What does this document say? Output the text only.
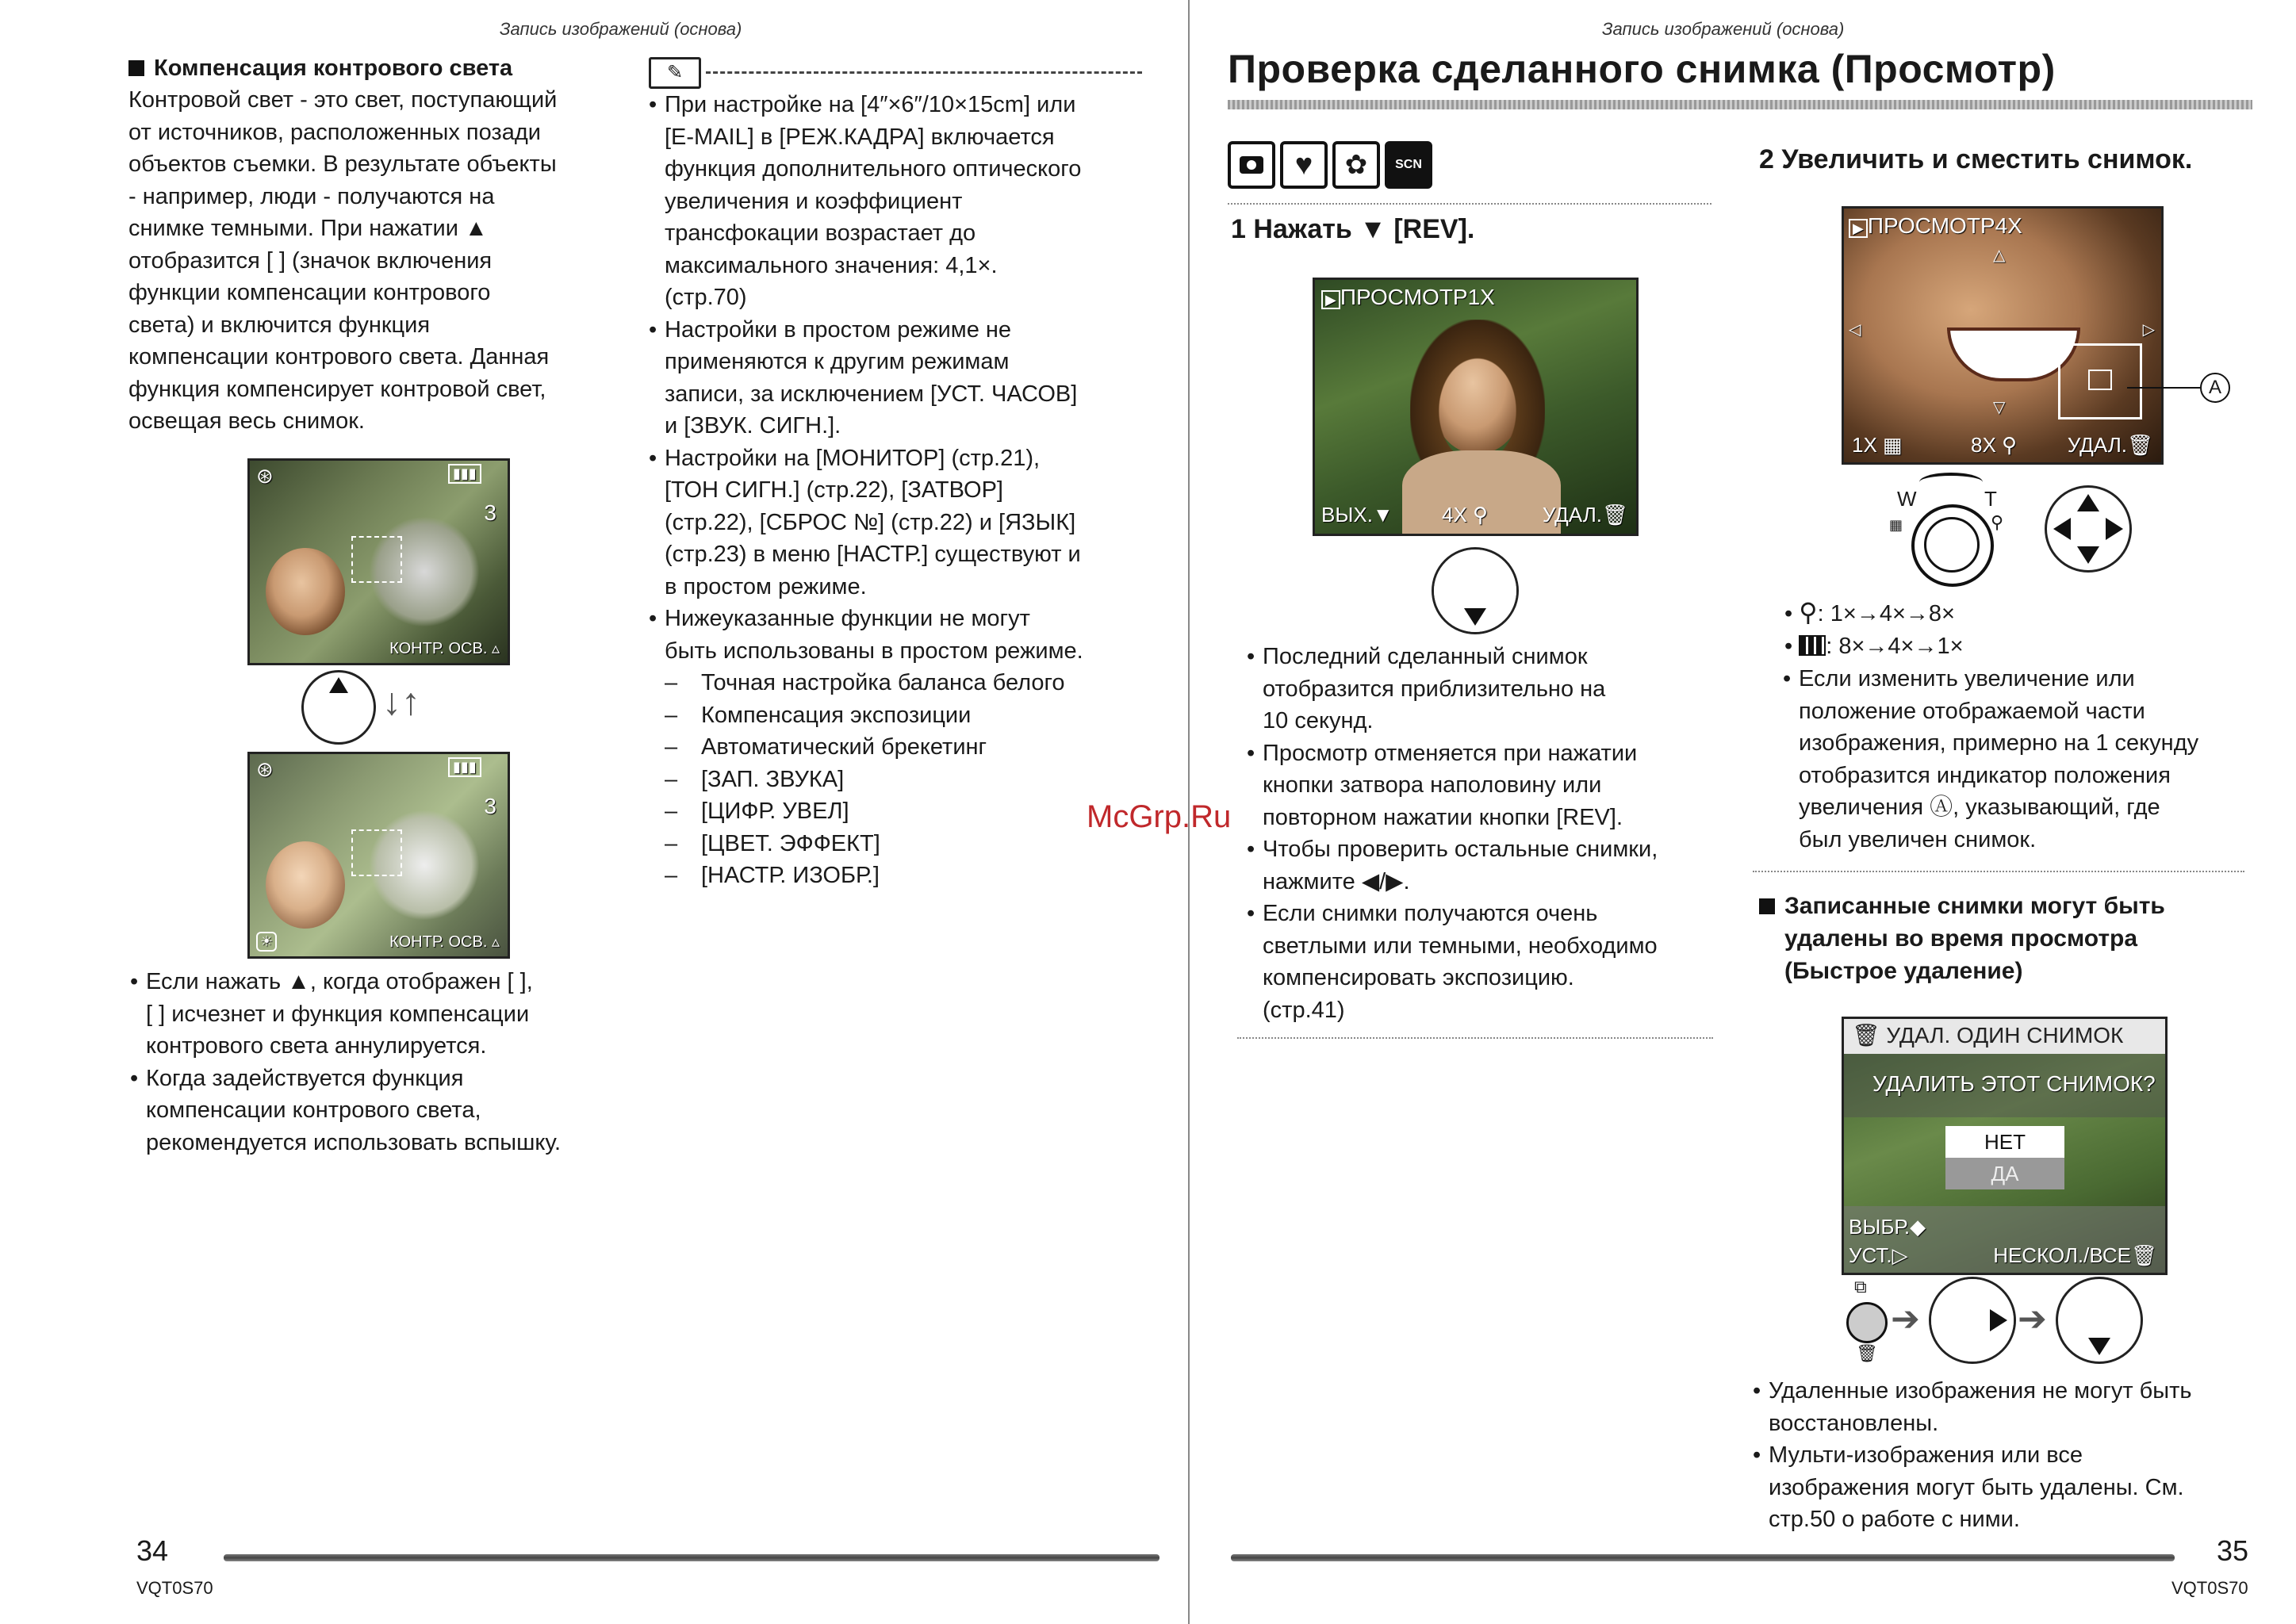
Запись изображений (основа)
Компенсация контрового света
Контровой свет - это свет, поступающий
от источников, расположенных позади
объектов съемки. В результате объекты
- например, люди - получаются на
снимке темными. При нажатии ▲
отобразится [ ] (значок включения
функции компенсации контрового
света) и включится функция
компенсации контрового света. Данная
функция компенсирует контровой свет,
освещая весь снимок.
⊛	▮▮▮
3
КОНТР. ОСВ. ▵
↓↑
⊛	▮▮▮
3
☀	КОНТР. ОСВ. ▵
• Если нажать ▲, когда отображен [ ],
[ ] исчезнет и функция компенсации
контрового света аннулируется.
• Когда задействуется функция
компенсации контрового света,
рекомендуется использовать вспышку.
✎
• При настройке на [4″×6″/10×15cm] или
[E-MAIL] в [РЕЖ.КАДРА] включается
функция дополнительного оптического
увеличения и коэффициент
трансфокации возрастает до
максимального значения: 4,1×.
(стр.70)
• Настройки в простом режиме не
применяются к другим режимам
записи, за исключением [УСТ. ЧАСОВ]
и [ЗВУК. СИГН.].
• Настройки на [МОНИТОР] (стр.21),
[ТОН СИГН.] (стр.22), [ЗАТВОР]
(стр.22), [СБРОС №] (стр.22) и [ЯЗЫК]
(стр.23) в меню [НАСТР.] существуют и
в простом режиме.
• Нижеуказанные функции не могут
быть использованы в простом режиме.
–	Точная настройка баланса белого
–	Компенсация экспозиции
–	Автоматический брекетинг
–	[ЗАП. ЗВУКА]
–	[ЦИФР. УВЕЛ]
–	[ЦВЕТ. ЭФФЕКТ]
–	[НАСТР. ИЗОБР.]
34
VQT0S70
Запись изображений (основа)
Проверка сделанного снимка (Просмотр)
♥	✿	SCN
1 Нажать ▼ [REV].
▶ ПРОСМОТР1X
ВЫХ.▼ 4X ⚲	УДАЛ.🗑
• Последний сделанный снимок
отобразится приблизительно на
10 секунд.
• Просмотр отменяется при нажатии
кнопки затвора наполовину или
повторном нажатии кнопки [REV].
• Чтобы проверить остальные снимки,
нажмите ◀/▶.
• Если снимки получаются очень
светлыми или темными, необходимо
компенсировать экспозицию.
(стр.41)
2 Увеличить и сместить снимок.
▶ ПРОСМОТР4X
△
▽
◁	▷
1X ▦	8X ⚲ УДАЛ.🗑
A
W	T
▦	⚲
• ⚲: 1×→4×→8×
• : 8×→4×→1×
• Если изменить увеличение или
положение отображаемой части
изображения, примерно на 1 секунду
отобразится индикатор положения
увеличения Ⓐ, указывающий, где
был увеличен снимок.
Записанные снимки могут быть
удалены во время просмотра
(Быстрое удаление)
🗑 УДАЛ. ОДИН СНИМОК
УДАЛИТЬ ЭТОТ СНИМОК?
НЕТ
ДА
ВЫБР.◆
УСТ.▷	НЕСКОЛ./ВСЕ🗑
⧉
🗑
➔	➔
• Удаленные изображения не могут быть
восстановлены.
• Мульти-изображения или все
изображения могут быть удалены. См.
стр.50 о работе с ними.
35
VQT0S70
McGrp.Ru
